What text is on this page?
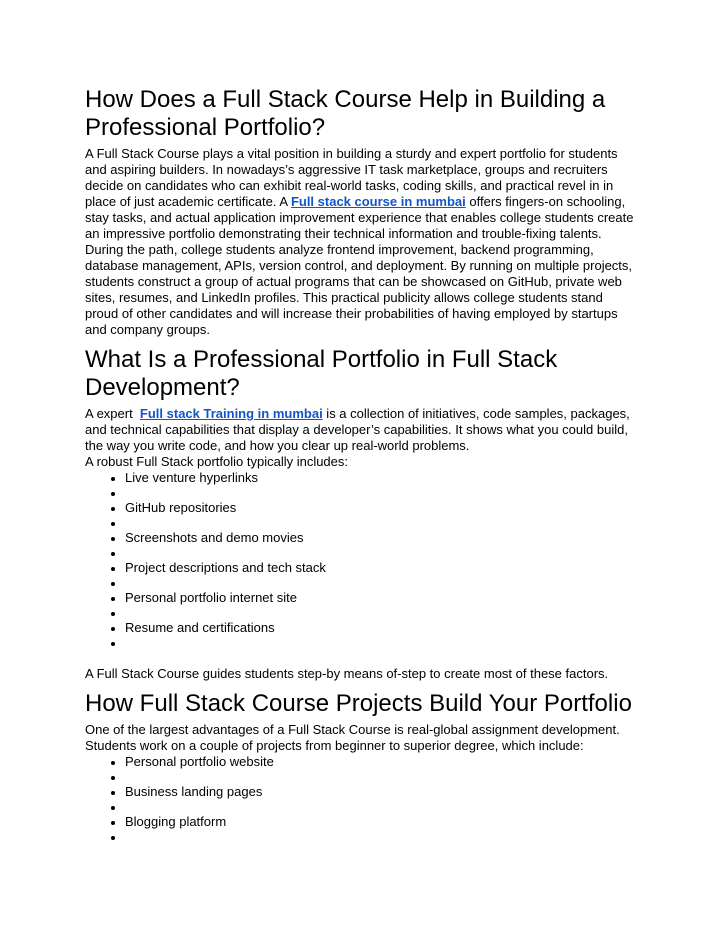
How Does a Full Stack Course Help in Building a Professional Portfolio?

A Full Stack Course plays a vital position in building a sturdy and expert portfolio for students and aspiring builders. In nowadays’s aggressive IT task marketplace, groups and recruiters decide on candidates who can exhibit real-world tasks, coding skills, and practical revel in in place of just academic certificate. A Full stack course in mumbai offers fingers-on schooling, stay tasks, and actual application improvement experience that enables college students create an impressive portfolio demonstrating their technical information and trouble-fixing talents. During the path, college students analyze frontend improvement, backend programming, database management, APIs, version control, and deployment. By running on multiple projects, students construct a group of actual programs that can be showcased on GitHub, private web sites, resumes, and LinkedIn profiles. This practical publicity allows college students stand proud of other candidates and will increase their probabilities of having employed by startups and company groups.

What Is a Professional Portfolio in Full Stack Development?

A expert  Full stack Training in mumbai is a collection of initiatives, code samples, packages, and technical capabilities that display a developer’s capabilities. It shows what you could build, the way you write code, and how you clear up real-world problems.

A robust Full Stack portfolio typically includes:

• Live venture hyperlinks
•
• GitHub repositories
•
• Screenshots and demo movies
•
• Project descriptions and tech stack
•
• Personal portfolio internet site
•
• Resume and certifications
•

A Full Stack Course guides students step-by means of-step to create most of these factors.

How Full Stack Course Projects Build Your Portfolio

One of the largest advantages of a Full Stack Course is real-global assignment development. Students work on a couple of projects from beginner to superior degree, which include:

• Personal portfolio website
•
• Business landing pages
•
• Blogging platform
•
